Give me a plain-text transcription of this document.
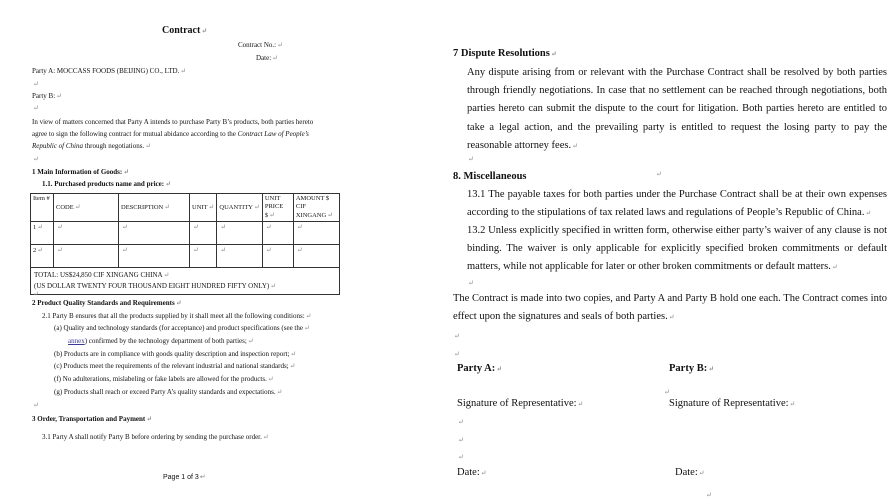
Contract↵
Contract No.:↵
Date:↵
Party A: MOCCASS FOODS (BEIJING) CO., LTD.↵
↵
Party B:↵
↵
In view of matters concerned that Party A intends to purchase Party B’s products, both parties hereto
agree to sign the following contract for mutual abidance according to the Contract Law of People’s
Republic of China through negotiations.↵
↵
1 Main Information of Goods:↵
1.1. Purchased products name and price:↵
Item #	CODE↵	DESCRIPTION↵	UNIT↵	QUANTITY↵	UNIT PRICE $↵	AMOUNT $ CIF XINGANG↵
1↵	↵	↵	↵	↵	↵	↵
2↵	↵	↵	↵	↵	↵	↵
TOTAL: US$24,850 CIF XINGANG CHINA↵
(US DOLLAR TWENTY FOUR THOUSAND EIGHT HUNDRED FIFTY ONLY)↵						
↵
2 Product Quality Standards and Requirements↵
2.1 Party B ensures that all the products supplied by it shall meet all the following conditions:↵
(a) Quality and technology standards (for acceptance) and product specifications (see the↵
annex) confirmed by the technology department of both parties;↵
(b) Products are in compliance with goods quality description and inspection report;↵
(c) Products meet the requirements of the relevant industrial and national standards;↵
(f) No adulterations, mislabeling or fake labels are allowed for the products.↵
(g) Products shall reach or exceed Party A’s quality standards and expectations.↵
↵
3 Order, Transportation and Payment↵
3.1 Party A shall notify Party B before ordering by sending the purchase order.↵
Page 1 of 3↵
7 Dispute Resolutions↵
Any dispute arising from or relevant with the Purchase Contract shall be resolved by both parties through friendly negotiations. In case that no settlement can be reached through negotiations, both parties hereto can submit the dispute to the court for litigation. Both parties hereto are entitled to take a legal action, and the prevailing party is entitled to request the losing party to pay the reasonable attorney fees.↵
↵
8. Miscellaneous	↵
13.1 The payable taxes for both parties under the Purchase Contract shall be at their own expenses according to the stipulations of tax related laws and regulations of People’s Republic of China.↵
13.2 Unless explicitly specified in written form, otherwise either party’s waiver of any clause is not binding. The waiver is only applicable for explicitly specified broken commitments or default matters, while not applicable for later or other broken commitments or default matters.↵
↵
The Contract is made into two copies, and Party A and Party B hold one each. The Contract comes into effect upon the signatures and seals of both parties.↵
↵
↵
Party A:↵	Party B:↵
↵
Signature of Representative:↵	Signature of Representative:↵
↵
↵
↵
Date:↵	Date:↵
↵
